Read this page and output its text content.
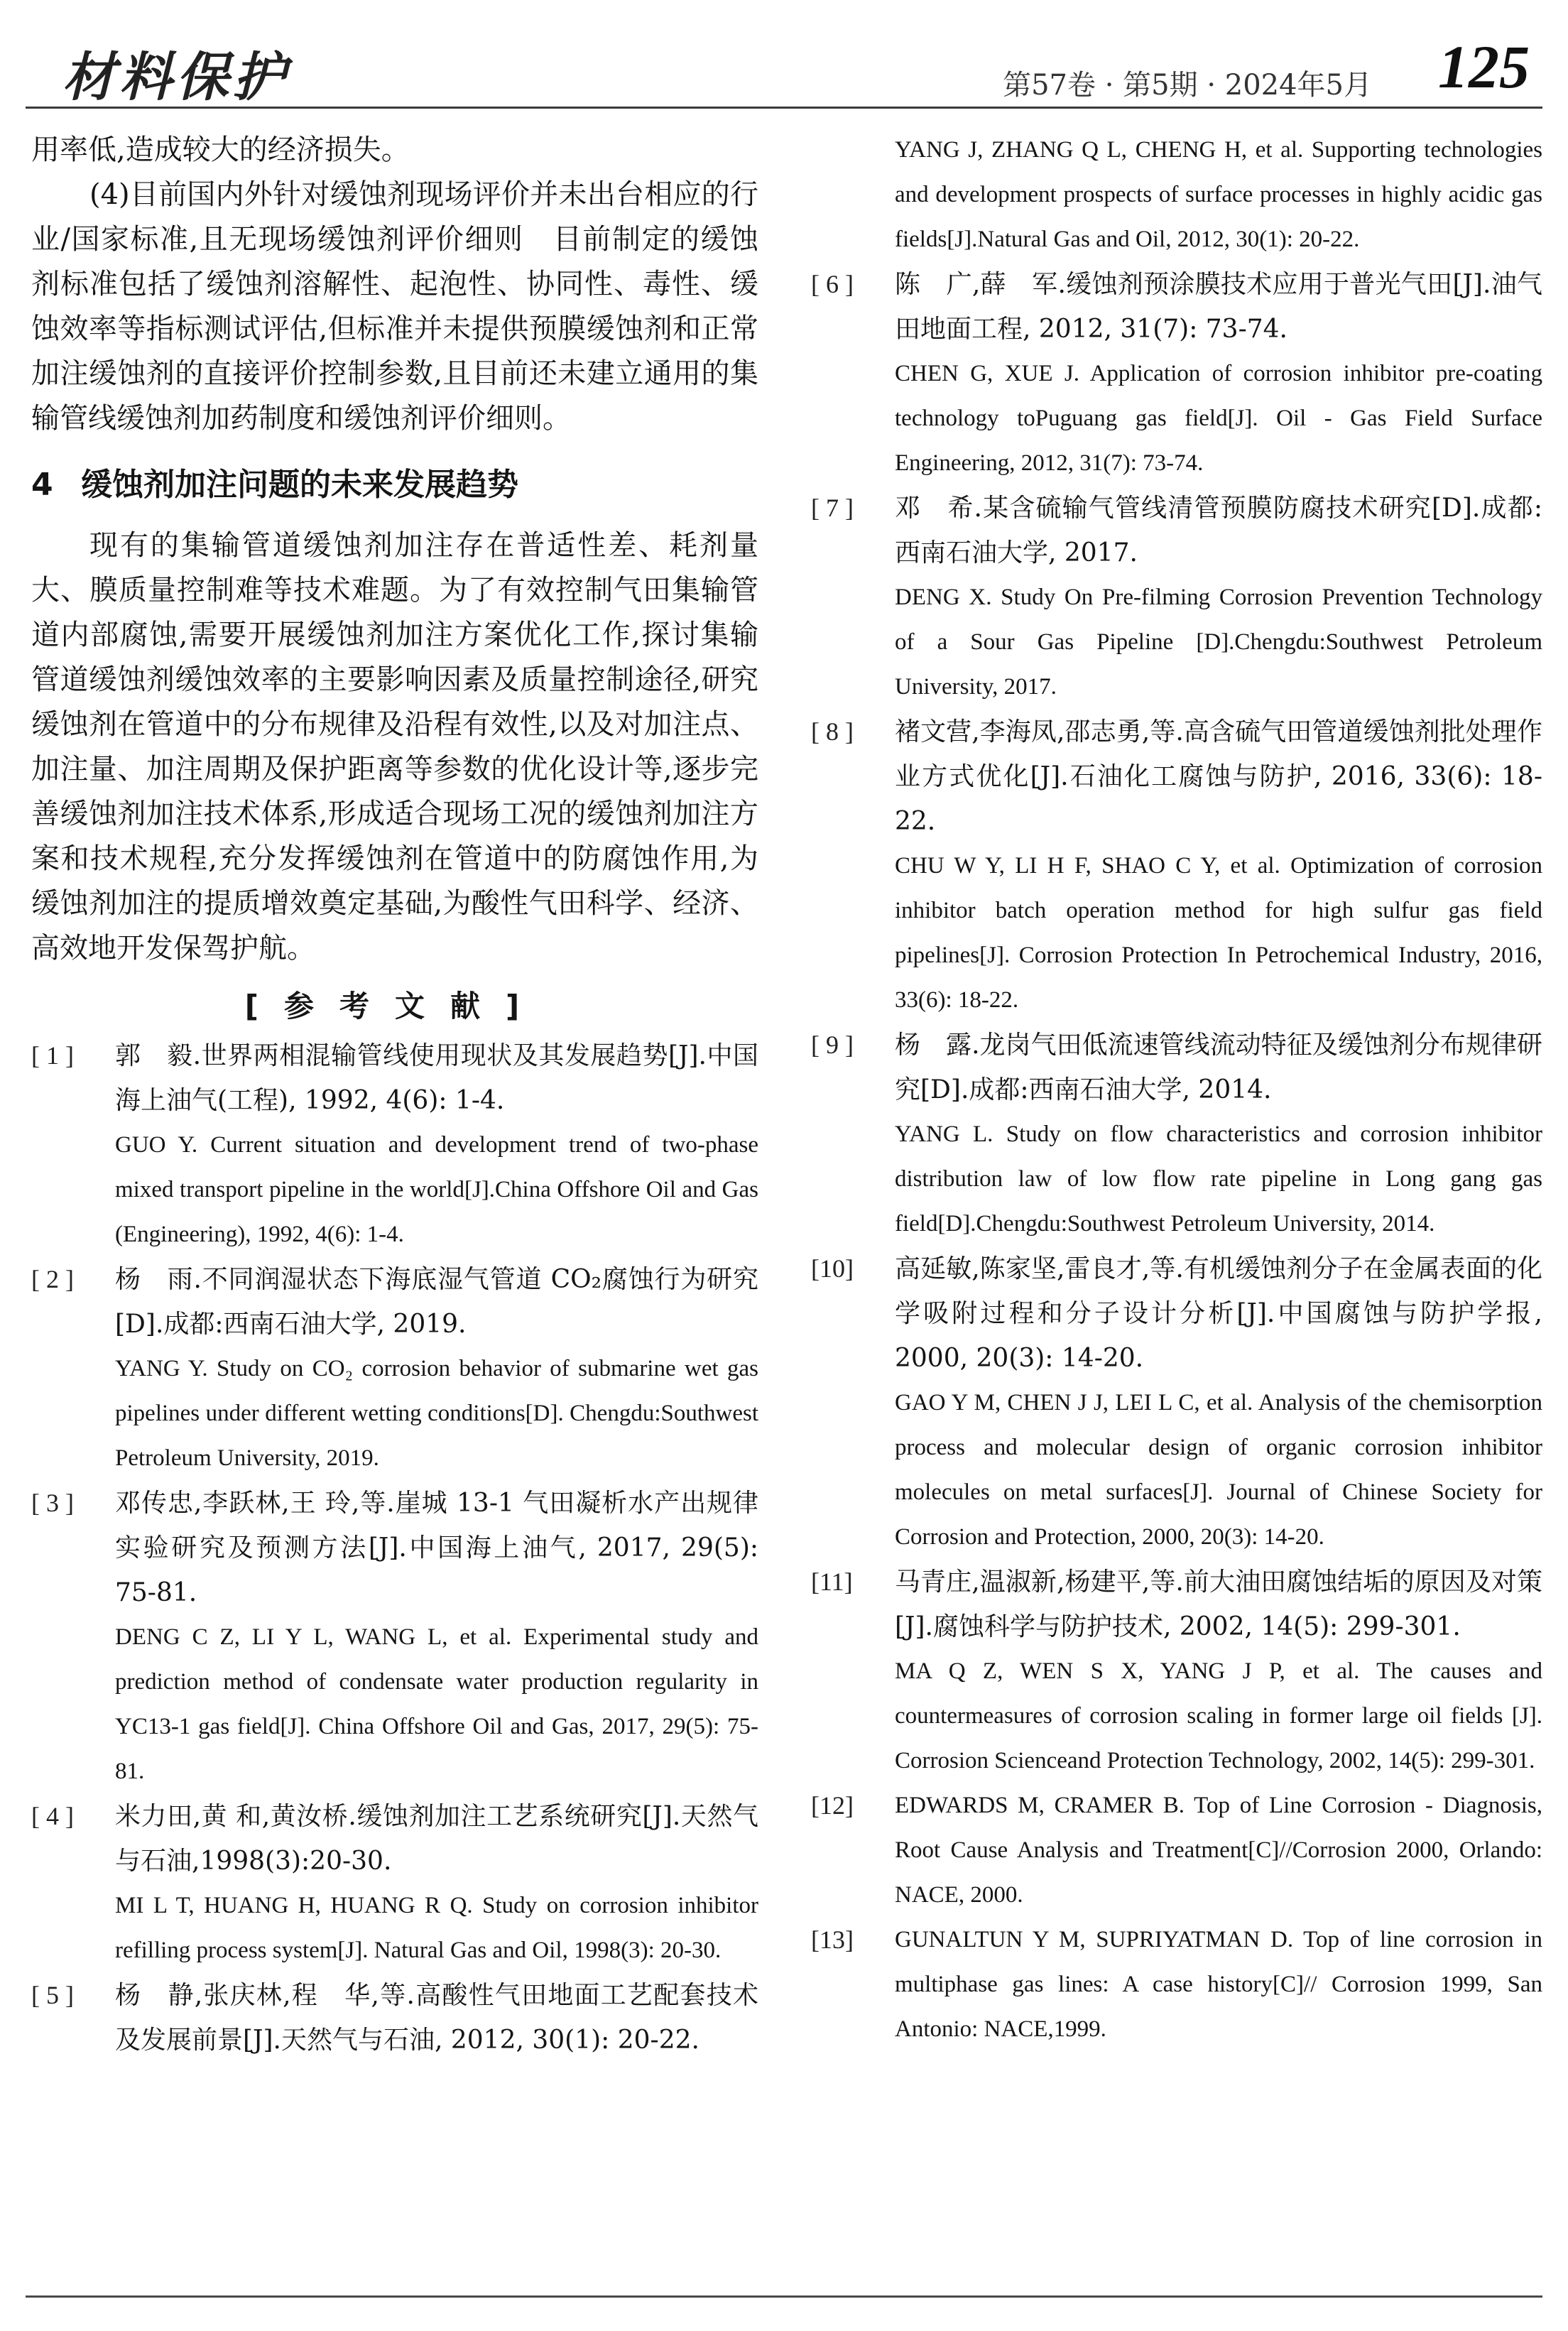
材料保护	第57卷 · 第5期 · 2024年5月 125

用率低,造成较大的经济损失。

(4)目前国内外针对缓蚀剂现场评价并未出台相应的行业/国家标准,且无现场缓蚀剂评价细则　目前制定的缓蚀剂标准包括了缓蚀剂溶解性、起泡性、协同性、毒性、缓蚀效率等指标测试评估,但标准并未提供预膜缓蚀剂和正常加注缓蚀剂的直接评价控制参数,且目前还未建立通用的集输管线缓蚀剂加药制度和缓蚀剂评价细则。

4 缓蚀剂加注问题的未来发展趋势

现有的集输管道缓蚀剂加注存在普适性差、耗剂量大、膜质量控制难等技术难题。为了有效控制气田集输管道内部腐蚀,需要开展缓蚀剂加注方案优化工作,探讨集输管道缓蚀剂缓蚀效率的主要影响因素及质量控制途径,研究缓蚀剂在管道中的分布规律及沿程有效性,以及对加注点、加注量、加注周期及保护距离等参数的优化设计等,逐步完善缓蚀剂加注技术体系,形成适合现场工况的缓蚀剂加注方案和技术规程,充分发挥缓蚀剂在管道中的防腐蚀作用,为缓蚀剂加注的提质增效奠定基础,为酸性气田科学、经济、高效地开发保驾护航。

[参考文献]
[ 1 ] 郭　毅.世界两相混输管线使用现状及其发展趋势[J].中国海上油气(工程), 1992, 4(6): 1-4.

GUO Y. Current situation and development trend of two-phase mixed transport pipeline in the world[J].China Offshore Oil and Gas (Engineering), 1992, 4(6): 1-4.

[ 2 ] 杨　雨.不同润湿状态下海底湿气管道 CO₂腐蚀行为研究[D].成都:西南石油大学, 2019.

YANG Y. Study on CO₂ corrosion behavior of submarine wet gas pipelines under different wetting conditions[D]. Chengdu:Southwest Petroleum University, 2019.

[ 3 ] 邓传忠,李跃林,王 玲,等.崖城 13-1 气田凝析水产出规律实验研究及预测方法[J].中国海上油气, 2017, 29(5): 75-81.

DENG C Z, LI Y L, WANG L, et al. Experimental study and prediction method of condensate water production regularity in YC13-1 gas field[J]. China Offshore Oil and Gas, 2017, 29(5): 75-81.

[ 4 ] 米力田,黄 和,黄汝桥.缓蚀剂加注工艺系统研究[J].天然气与石油,1998(3):20-30.

MI L T, HUANG H, HUANG R Q. Study on corrosion inhibitor refilling process system[J]. Natural Gas and Oil, 1998(3): 20-30.

[ 5 ] 杨　静,张庆林,程　华,等.高酸性气田地面工艺配套技术及发展前景[J].天然气与石油, 2012, 30(1): 20-22.

YANG J, ZHANG Q L, CHENG H, et al. Supporting technologies and development prospects of surface processes in highly acidic gas fields[J].Natural Gas and Oil, 2012, 30(1): 20-22.

[ 6 ] 陈　广,薛　军.缓蚀剂预涂膜技术应用于普光气田[J].油气田地面工程, 2012, 31(7): 73-74.

CHEN G, XUE J. Application of corrosion inhibitor pre-coating technology toPuguang gas field[J]. Oil - Gas Field Surface Engineering, 2012, 31(7): 73-74.

[ 7 ] 邓　希.某含硫输气管线清管预膜防腐技术研究[D].成都:西南石油大学, 2017.

DENG X. Study On Pre-filming Corrosion Prevention Technology of a Sour Gas Pipeline [D].Chengdu:Southwest Petroleum University, 2017.

[ 8 ] 褚文营,李海凤,邵志勇,等.高含硫气田管道缓蚀剂批处理作业方式优化[J].石油化工腐蚀与防护, 2016, 33(6): 18-22.

CHU W Y, LI H F, SHAO C Y, et al. Optimization of corrosion inhibitor batch operation method for high sulfur gas field pipelines[J]. Corrosion Protection In Petrochemical Industry, 2016, 33(6): 18-22.

[ 9 ] 杨　露.龙岗气田低流速管线流动特征及缓蚀剂分布规律研究[D].成都:西南石油大学, 2014.

YANG L. Study on flow characteristics and corrosion inhibitor distribution law of low flow rate pipeline in Long gang gas field[D].Chengdu:Southwest Petroleum University, 2014.

[10] 高延敏,陈家坚,雷良才,等.有机缓蚀剂分子在金属表面的化学吸附过程和分子设计分析[J].中国腐蚀与防护学报, 2000, 20(3): 14-20.

GAO Y M, CHEN J J, LEI L C, et al. Analysis of the chemisorption process and molecular design of organic corrosion inhibitor molecules on metal surfaces[J]. Journal of Chinese Society for Corrosion and Protection, 2000, 20(3): 14-20.

[11] 马青庄,温淑新,杨建平,等.前大油田腐蚀结垢的原因及对策[J].腐蚀科学与防护技术, 2002, 14(5): 299-301.

MA Q Z, WEN S X, YANG J P, et al. The causes and countermeasures of corrosion scaling in former large oil fields [J]. Corrosion Scienceand Protection Technology, 2002, 14(5): 299-301.

[12] EDWARDS M, CRAMER B. Top of Line Corrosion - Diagnosis, Root Cause Analysis and Treatment[C]//Corrosion 2000, Orlando: NACE, 2000.

[13] GUNALTUN Y M, SUPRIYATMAN D. Top of line corrosion in multiphase gas lines: A case history[C]// Corrosion 1999, San Antonio: NACE,1999.
